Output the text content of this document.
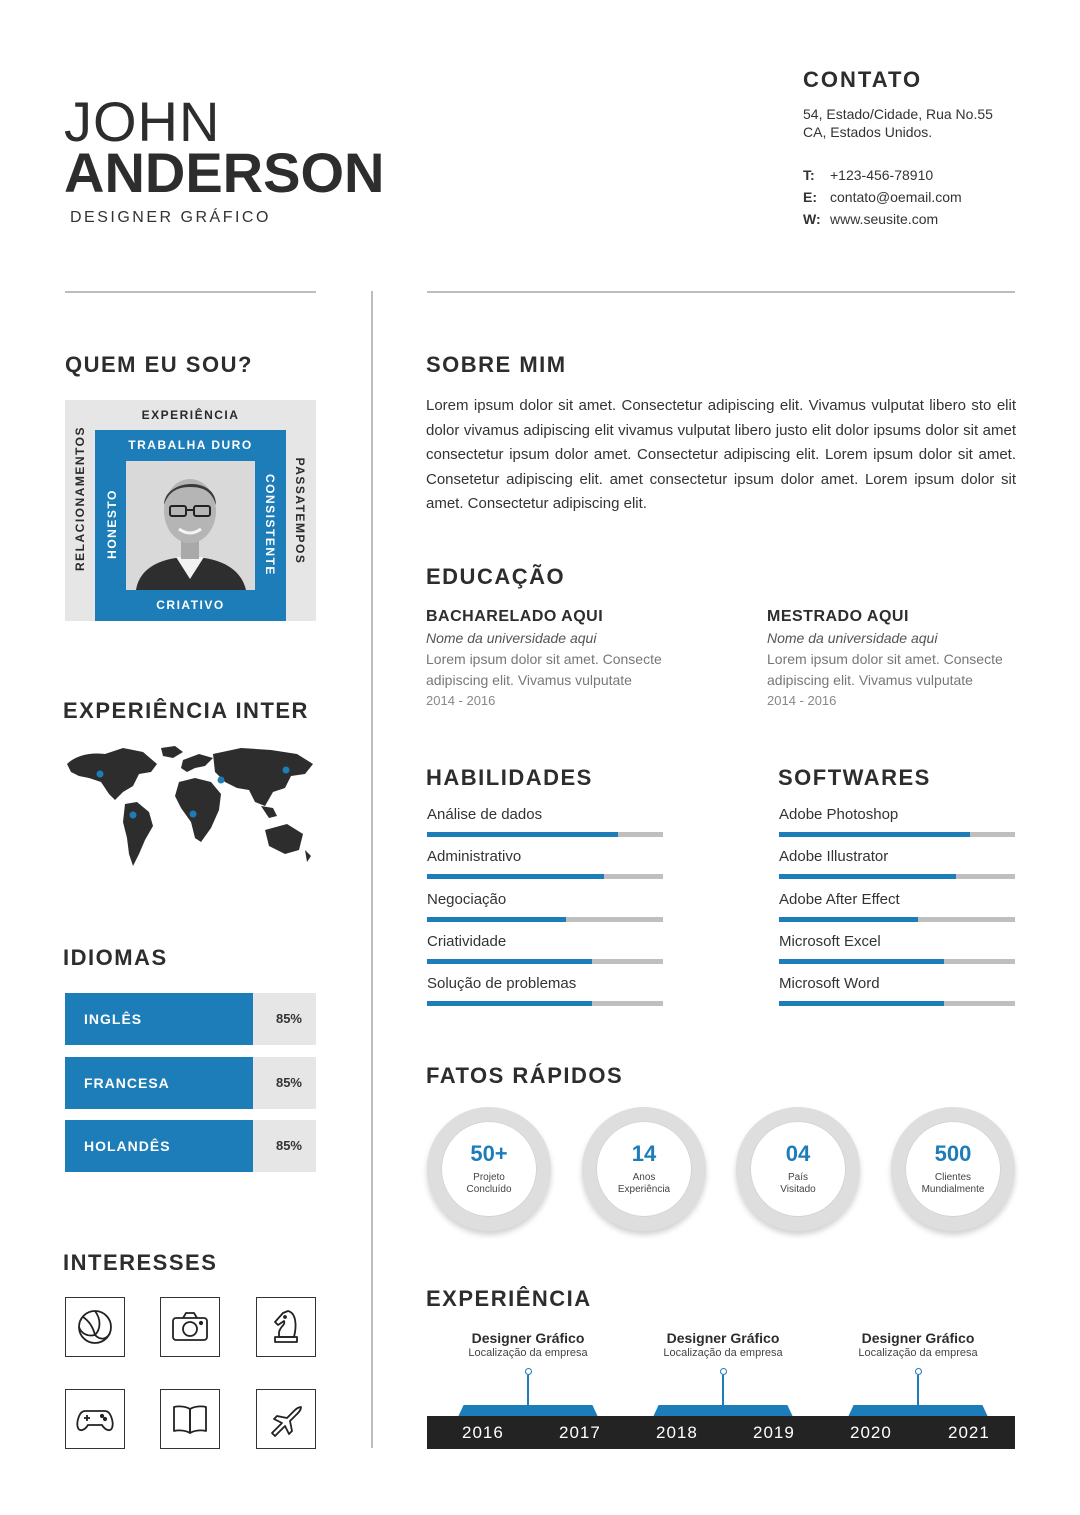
JOHN
ANDERSON
DESIGNER GRÁFICO
CONTATO
54, Estado/Cidade, Rua No.55
CA, Estados Unidos.
T: +123-456-78910
E: contato@oemail.com
W: www.seusite.com
QUEM EU SOU?
EXPERIÊNCIA
RELACIONAMENTOS	PASSATEMPOS
TRABALHA DURO
HONESTO	CONSISTENTE
CRIATIVO
EXPERIÊNCIA INTER
IDIOMAS
INGLÊS	85%
FRANCESA	85%
HOLANDÊS	85%
INTERESSES
SOBRE MIM
Lorem ipsum dolor sit amet. Consectetur adipiscing elit. Vivamus vulputat libero sto elit dolor vivamus adipiscing elit vivamus vulputat libero justo elit dolor ipsums dolor sit amet consectetur ipsum dolor amet. Consectetur adipiscing elit. Lorem ipsum dolor sit amet. Consetetur adipiscing elit. amet consectetur ipsum dolor amet. Lorem ipsum dolor sit amet. Consectetur adipiscing elit.
EDUCAÇÃO
BACHARELADO AQUI
Nome da universidade aqui
Lorem ipsum dolor sit amet. Consecte
adipiscing elit. Vivamus vulputate
2014 - 2016
MESTRADO AQUI
Nome da universidade aqui
Lorem ipsum dolor sit amet. Consecte
adipiscing elit. Vivamus vulputate
2014 - 2016
HABILIDADES
Análise de dados
Administrativo
Negociação
Criatividade
Solução de problemas
SOFTWARES
Adobe Photoshop
Adobe Illustrator
Adobe After Effect
Microsoft Excel
Microsoft Word
FATOS RÁPIDOS
50+
Projeto
Concluído
14
Anos
Experiência
04
País
Visitado
500
Clientes
Mundialmente
EXPERIÊNCIA
Designer Gráfico
Localização da empresa
Designer Gráfico
Localização da empresa
Designer Gráfico
Localização da empresa
2016	2017	2018	2019	2020	2021
